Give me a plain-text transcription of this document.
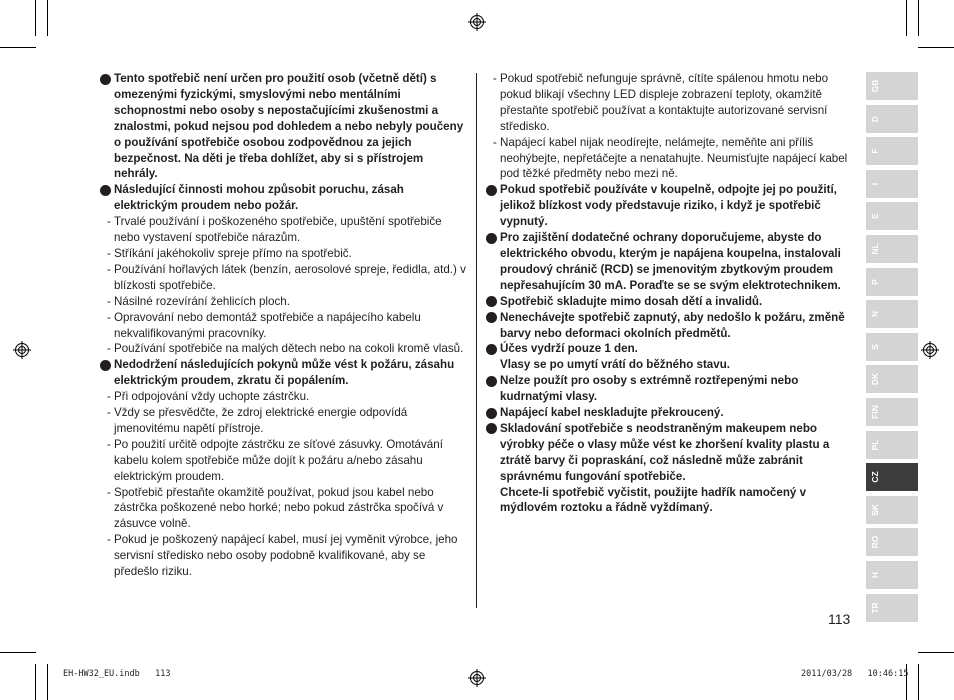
Tento spotřebič není určen pro použití osob (včetně dětí) s omezenými fyzickými, smyslovými nebo mentálními schopnostmi nebo osoby s nepostačujícími zkušenostmi a znalostmi, pokud nejsou pod dohledem a nebo nebyly poučeny o používání spotřebiče osobou zodpovědnou za jejich bezpečnost. Na děti je třeba dohlížet, aby si s přístrojem nehrály.
Následující činnosti mohou způsobit poruchu, zásah elektrickým proudem nebo požár.
- Trvalé používání i poškozeného spotřebiče, upuštění spotřebiče nebo vystavení spotřebiče nárazům.
- Stříkání jakéhokoliv spreje přímo na spotřebič.
- Používání hořlavých látek (benzín, aerosolové spreje, ředidla, atd.) v blízkosti spotřebiče.
- Násilné rozevírání žehlicích ploch.
- Opravování nebo demontáž spotřebiče a napájecího kabelu nekvalifikovanými pracovníky.
- Používání spotřebiče na malých dětech nebo na cokoli kromě vlasů.
Nedodržení následujících pokynů může vést k požáru, zásahu elektrickým proudem, zkratu či popálením.
- Při odpojování vždy uchopte zástrčku.
- Vždy se přesvědčte, že zdroj elektrické energie odpovídá jmenovitému napětí přístroje.
- Po použití určitě odpojte zástrčku ze síťové zásuvky. Omotávání kabelu kolem spotřebiče může dojít k požáru a/nebo zásahu elektrickým proudem.
- Spotřebič přestaňte okamžitě používat, pokud jsou kabel nebo zástrčka poškozené nebo horké; nebo pokud zástrčka spočívá v zásuvce volně.
- Pokud je poškozený napájecí kabel, musí jej vyměnit výrobce, jeho servisní středisko nebo osoby podobně kvalifikované, aby se předešlo riziku.
- Pokud spotřebič nefunguje správně, cítíte spálenou hmotu nebo pokud blikají všechny LED displeje zobrazení teploty, okamžitě přestaňte spotřebič používat a kontaktujte autorizované servisní středisko.
- Napájecí kabel nijak neodírejte, nelámejte, neměňte ani příliš neohýbejte, nepřetáčejte a nenatahujte. Neumisťujte napájecí kabel pod těžké předměty nebo mezi ně.
Pokud spotřebič používáte v koupelně, odpojte jej po použití, jelikož blízkost vody představuje riziko, i když je spotřebič vypnutý.
Pro zajištění dodatečné ochrany doporučujeme, abyste do elektrického obvodu, kterým je napájena koupelna, instalovali proudový chránič (RCD) se jmenovitým zbytkovým proudem nepřesahujícím 30 mA. Poraďte se se svým elektrotechnikem.
Spotřebič skladujte mimo dosah dětí a invalidů.
Nenechávejte spotřebič zapnutý, aby nedošlo k požáru, změně barvy nebo deformaci okolních předmětů.
Účes vydrží pouze 1 den.
Vlasy se po umytí vrátí do běžného stavu.
Nelze použít pro osoby s extrémně roztřepenými nebo kudrnatými vlasy.
Napájecí kabel neskladujte překroucený.
Skladování spotřebiče s neodstraněným makeupem nebo výrobky péče o vlasy může vést ke zhoršení kvality plastu a ztrátě barvy či popraskání, což následně může zabránit správnému fungování spotřebiče.
Chcete-li spotřebič vyčistit, použijte hadřík namočený v mýdlovém roztoku a řádně vyždímaný.
GB
D
F
I
E
NL
P
N
S
DK
FIN
PL
CZ
SK
RO
H
TR
113
EH-HW32_EU.indb   113	2011/03/28   10:46:15
